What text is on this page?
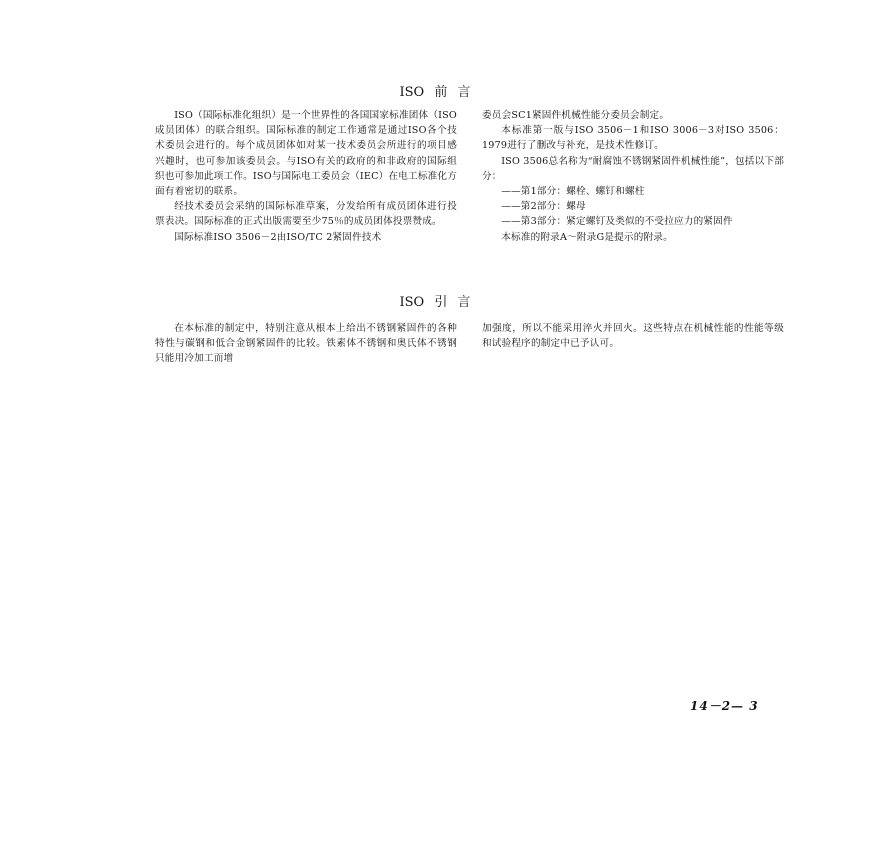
ISO 前 言

ISO（国际标准化组织）是一个世界性的各国国家标准团体（ISO成员团体）的联合组织。国际标准的制定工作通常是通过ISO各个技术委员会进行的。每个成员团体如对某一技术委员会所进行的项目感兴趣时，也可参加该委员会。与ISO有关的政府的和非政府的国际组织也可参加此项工作。ISO与国际电工委员会（IEC）在电工标准化方面有着密切的联系。

经技术委员会采纳的国际标准草案，分发给所有成员团体进行投票表决。国际标准的正式出版需要至少75％的成员团体投票赞成。

国际标准ISO 3506－2由ISO/TC 2紧固件技术

委员会SC1紧固件机械性能分委员会制定。

本标准第一版与ISO 3506－1和ISO 3006－3对ISO 3506：1979进行了删改与补充，是技术性修订。

ISO 3506总名称为“耐腐蚀不锈钢紧固件机械性能”，包括以下部分：

——第1部分：螺栓、螺钉和螺柱

——第2部分：螺母

——第3部分：紧定螺钉及类似的不受拉应力的紧固件

本标准的附录A～附录G是提示的附录。

ISO 引 言

在本标准的制定中，特别注意从根本上给出不锈钢紧固件的各种特性与碳钢和低合金钢紧固件的比较。铁素体不锈钢和奥氏体不锈钢只能用冷加工而增

加强度，所以不能采用淬火并回火。这些特点在机械性能的性能等级和试验程序的制定中已予认可。

14－2— 3
